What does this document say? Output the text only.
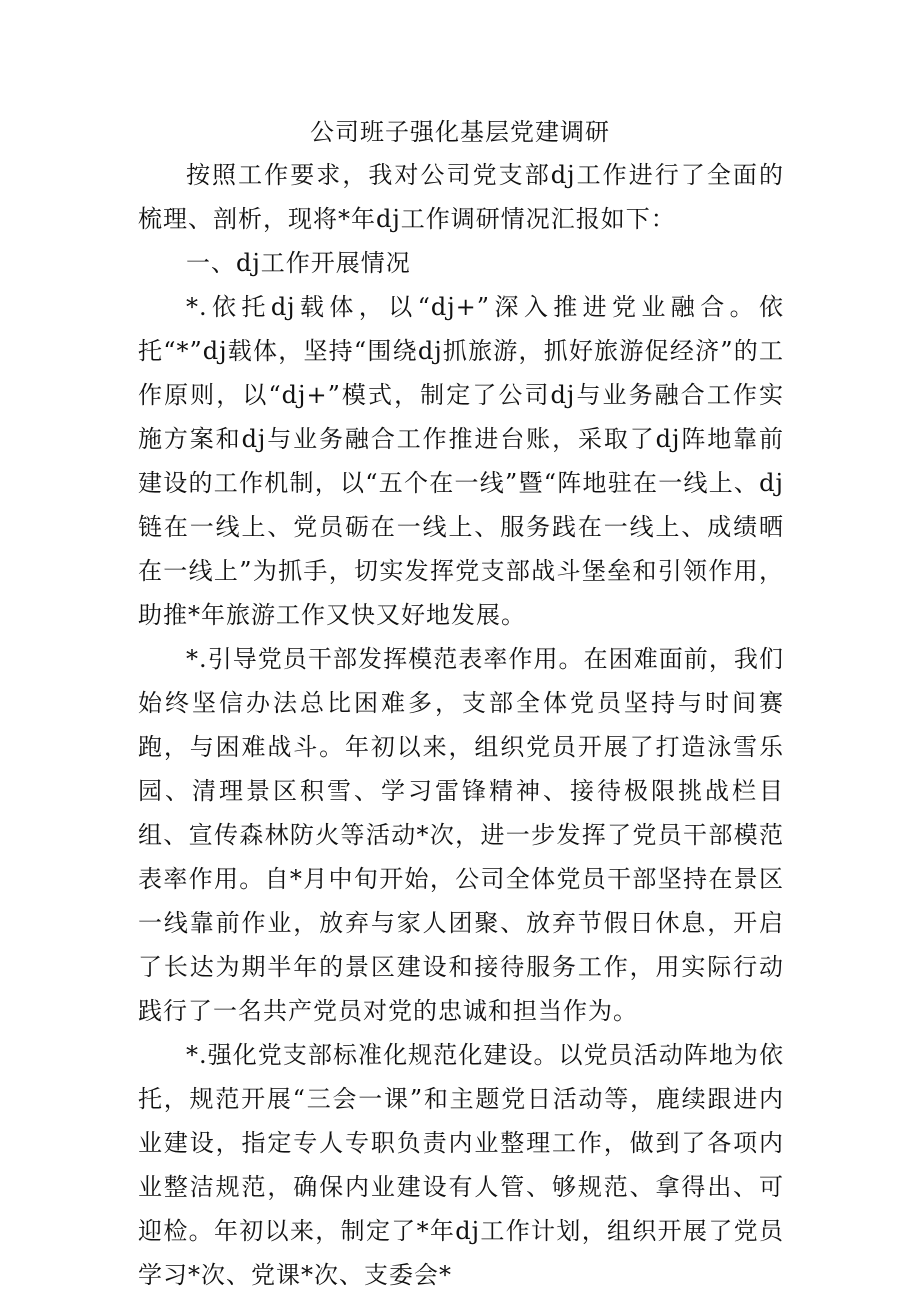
公司班子强化基层党建调研

按照工作要求，我对公司党支部dj工作进行了全面的梳理、剖析，现将*年dj工作调研情况汇报如下：

一、dj工作开展情况

*.依托dj载体，以“dj+”深入推进党业融合。依托“*”dj载体，坚持“围绕dj抓旅游，抓好旅游促经济”的工作原则，以“dj+”模式，制定了公司dj与业务融合工作实施方案和dj与业务融合工作推进台账，采取了dj阵地靠前建设的工作机制，以“五个在一线”暨“阵地驻在一线上、dj链在一线上、党员砺在一线上、服务践在一线上、成绩晒在一线上”为抓手，切实发挥党支部战斗堡垒和引领作用，助推*年旅游工作又快又好地发展。

*.引导党员干部发挥模范表率作用。在困难面前，我们始终坚信办法总比困难多，支部全体党员坚持与时间赛跑，与困难战斗。年初以来，组织党员开展了打造泳雪乐园、清理景区积雪、学习雷锋精神、接待极限挑战栏目组、宣传森林防火等活动*次，进一步发挥了党员干部模范表率作用。自*月中旬开始，公司全体党员干部坚持在景区一线靠前作业，放弃与家人团聚、放弃节假日休息，开启了长达为期半年的景区建设和接待服务工作，用实际行动践行了一名共产党员对党的忠诚和担当作为。

*.强化党支部标准化规范化建设。以党员活动阵地为依托，规范开展“三会一课”和主题党日活动等，鹿续跟进内业建设，指定专人专职负责内业整理工作，做到了各项内业整洁规范，确保内业建设有人管、够规范、拿得出、可迎检。年初以来，制定了*年dj工作计划，组织开展了党员学习*次、党课*次、支委会*
